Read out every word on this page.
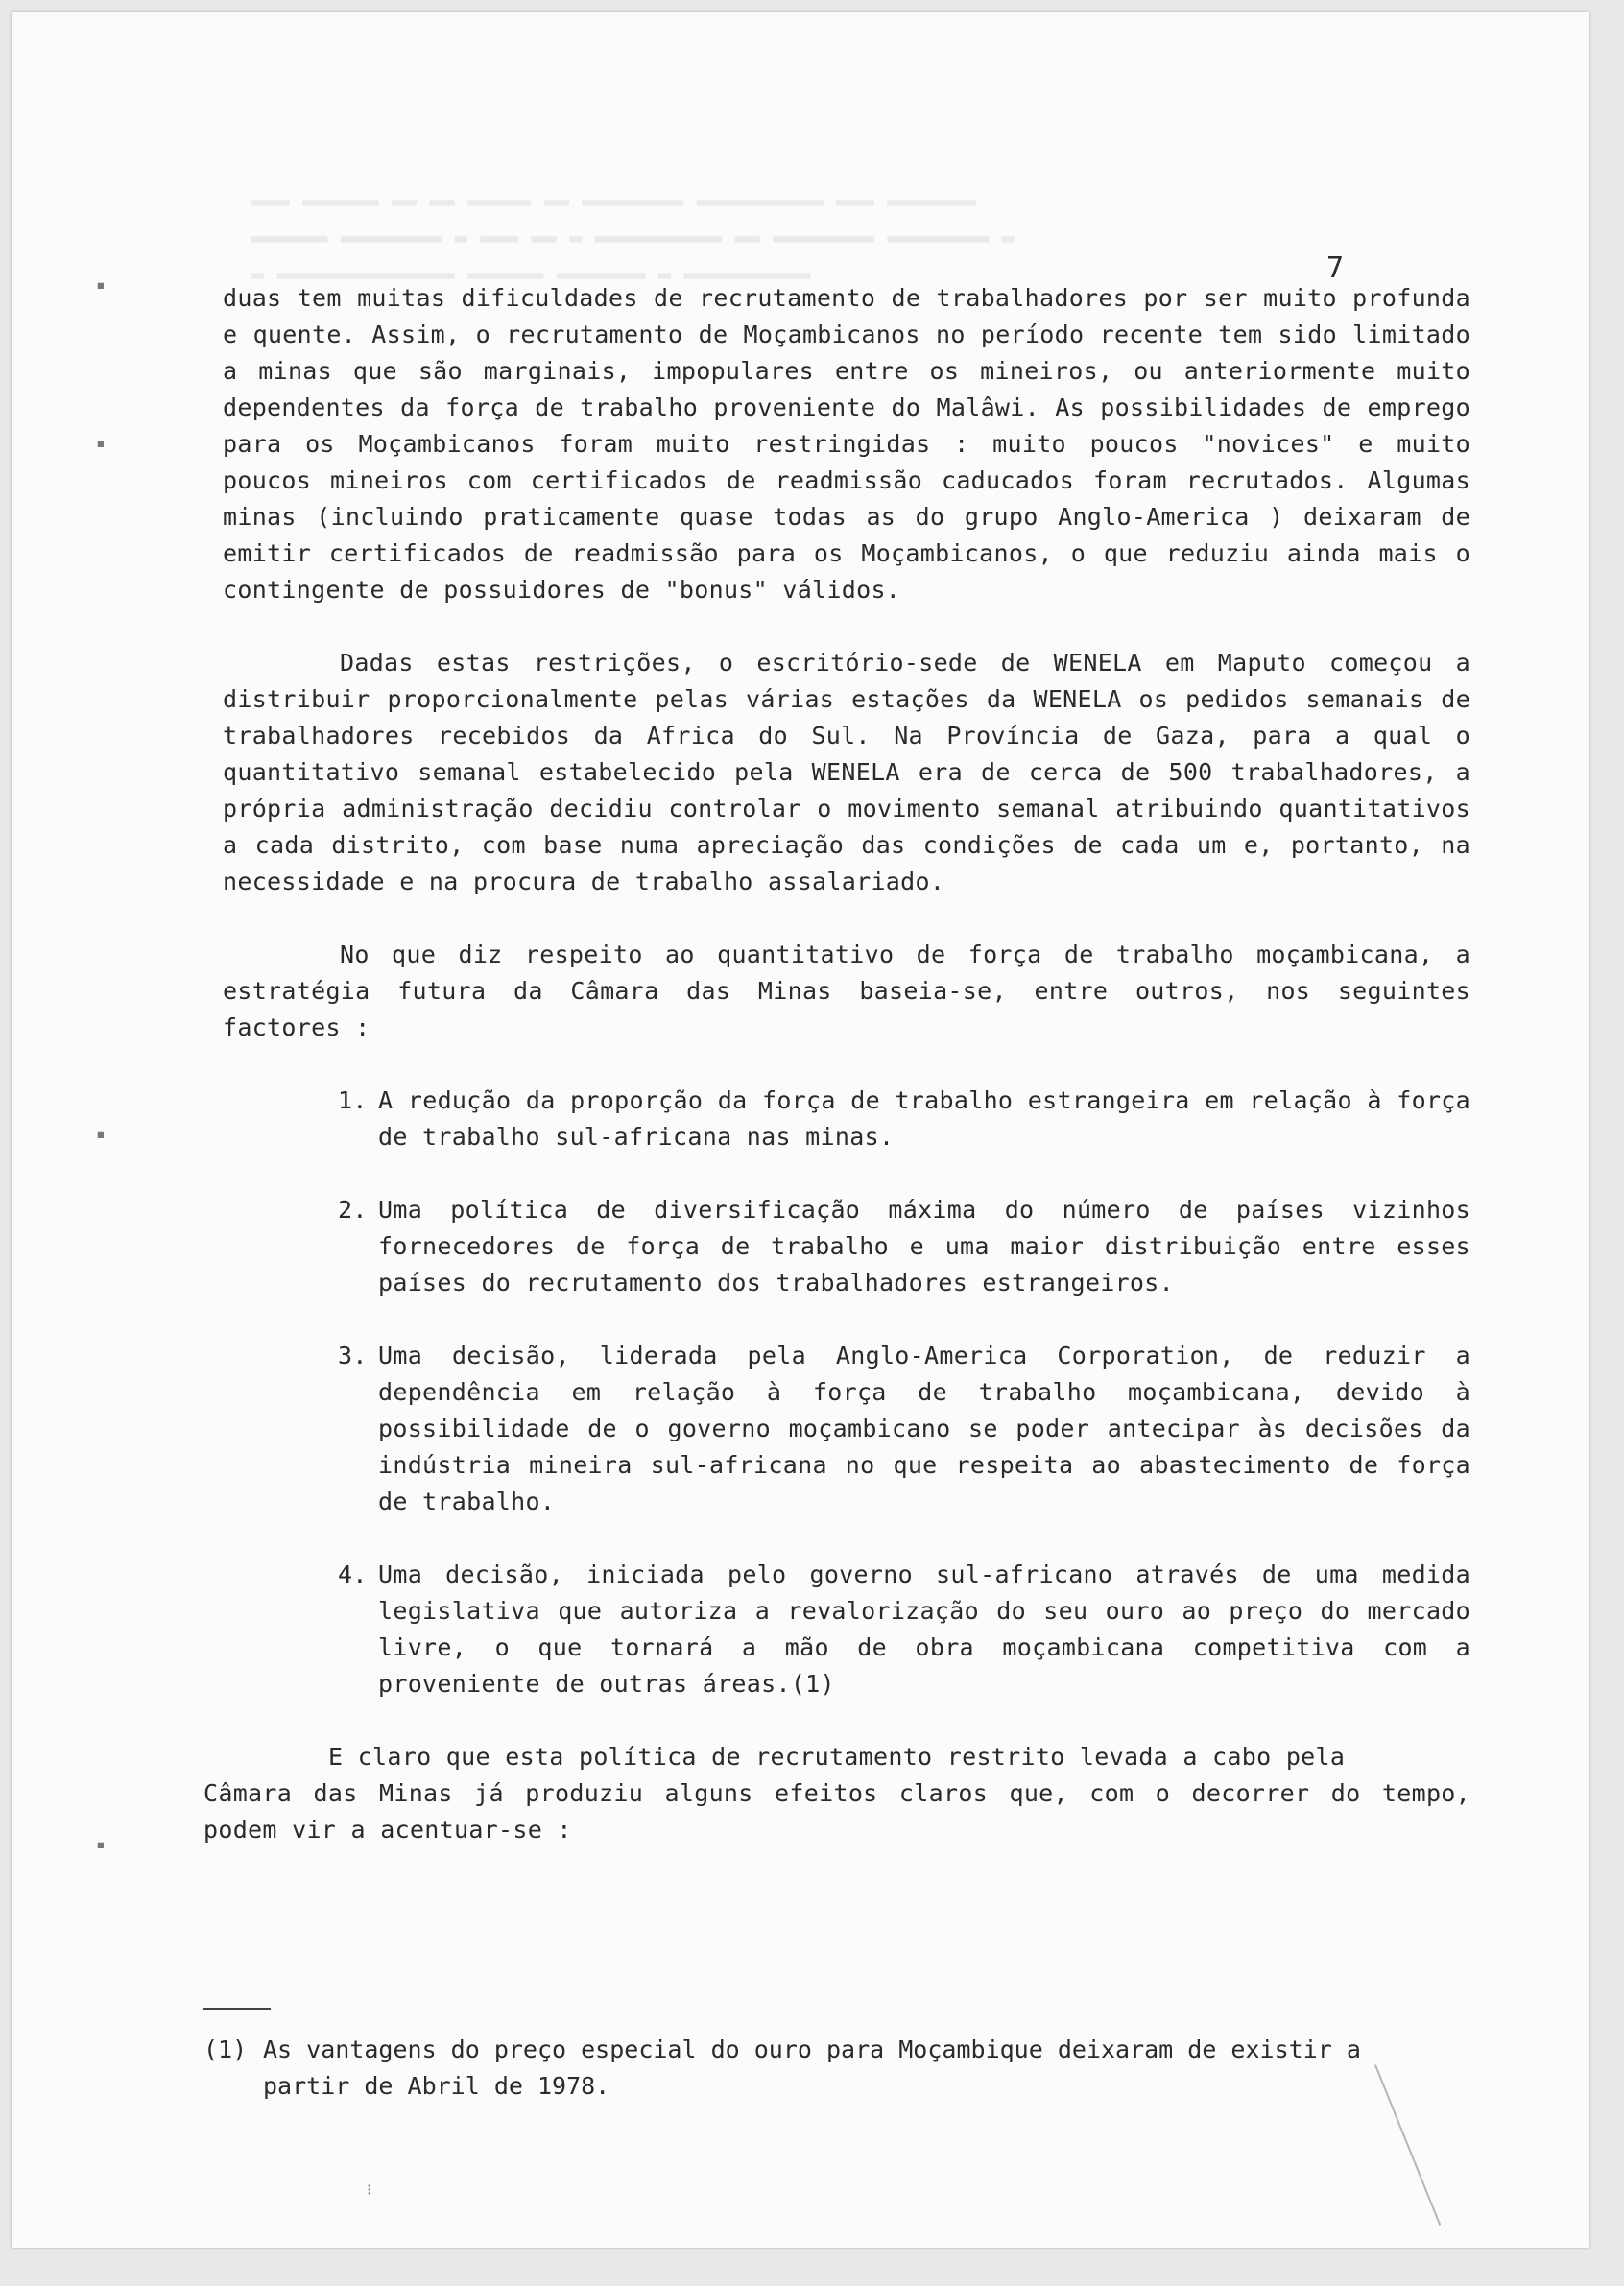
▬▬▬ ▬▬▬▬▬▬ ▬▬ ▬▬ ▬▬▬▬▬ ▬▬ ▬▬▬▬▬▬▬▬ ▬▬▬▬▬▬▬▬▬▬ ▬▬▬ ▬▬▬▬▬▬▬
▬▬▬▬▬▬ ▬▬▬▬▬▬▬▬ ▬ ▬▬▬ ▬▬ ▬ ▬▬▬▬▬▬▬▬▬▬ ▬▬ ▬▬▬▬▬▬▬▬ ▬▬▬▬▬▬▬▬ ▬
▬ ▬▬▬▬▬▬▬▬▬▬▬▬▬▬ ▬▬▬▬▬▬ ▬▬▬▬▬▬▬ ▬ ▬▬▬▬▬▬▬▬▬▬	7

duas tem muitas dificuldades de recrutamento de trabalhadores por ser muito profunda e quente. Assim, o recrutamento de Moçambicanos no período recente tem sido limitado a minas que são marginais, impopulares entre os mineiros, ou anteriormente muito dependentes da força de trabalho proveniente do Malâwi. As possibilidades de emprego para os Moçambicanos foram muito restringidas : muito poucos "novices" e muito poucos mineiros com certificados de readmissão caducados foram recrutados. Algumas minas (incluindo praticamente quase todas as do grupo Anglo-America ) deixaram de emitir certificados de readmissão para os Moçambicanos, o que reduziu ainda mais o contingente de possuidores de "bonus" válidos.

Dadas estas restrições, o escritório-sede de WENELA em Maputo começou a distribuir proporcionalmente pelas várias estações da WENELA os pedidos semanais de trabalhadores recebidos da Africa do Sul. Na Província de Gaza, para a qual o quantitativo semanal estabelecido pela WENELA era de cerca de 500 trabalhadores, a própria administração decidiu controlar o movimento semanal atribuindo quantitativos a cada distrito, com base numa apreciação das condições de cada um e, portanto, na necessidade e na procura de trabalho assalariado.

No que diz respeito ao quantitativo de força de trabalho moçambicana, a estratégia futura da Câmara das Minas baseia-se, entre outros, nos seguintes factores :

1. A redução da proporção da força de trabalho estrangeira em relação à força de trabalho sul-africana nas minas.
2. Uma política de diversificação máxima do número de países vizinhos fornecedores de força de trabalho e uma maior distribuição entre esses países do recrutamento dos trabalhadores estrangeiros.
3. Uma decisão, liderada pela Anglo-America Corporation, de reduzir a dependência em relação à força de trabalho moçambicana, devido à possibilidade de o governo moçambicano se poder antecipar às decisões da indústria mineira sul-africana no que respeita ao abastecimento de força de trabalho.
4. Uma decisão, iniciada pelo governo sul-africano através de uma medida legislativa que autoriza a revalorização do seu ouro ao preço do mercado livre, o que tornará a mão de obra moçambicana competitiva com a proveniente de outras áreas.(1)

E claro que esta política de recrutamento restrito levada a cabo pela
Câmara das Minas já produziu alguns efeitos claros que, com o decorrer do tempo, podem vir a acentuar-se :

(1) As vantagens do preço especial do ouro para Moçambique deixaram de existir a partir de Abril de 1978.
▪
▪
▪
▪
⁝
